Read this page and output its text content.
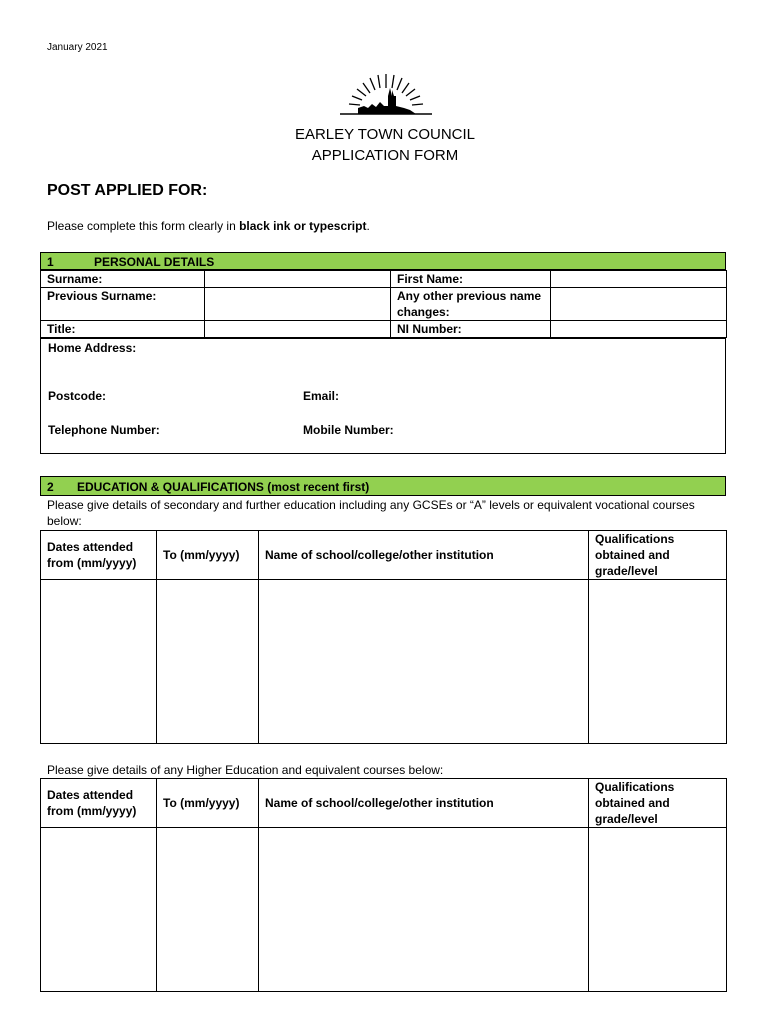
January 2021
EARLEY TOWN COUNCIL
APPLICATION FORM
POST APPLIED FOR:
Please complete this form clearly in black ink or typescript.
1	PERSONAL DETAILS
Surname:		First Name:	
Previous Surname:		Any other previous name changes:	
Title:		NI Number:	
Home Address:
Postcode:	Email:
Telephone Number:	Mobile Number:
2 EDUCATION & QUALIFICATIONS (most recent first)
Please give details of secondary and further education including any GCSEs or “A” levels or equivalent vocational courses below:
Dates attended from (mm/yyyy)	To (mm/yyyy)	Name of school/college/other institution	Qualifications obtained and grade/level

Please give details of any Higher Education and equivalent courses below:
Dates attended from (mm/yyyy)	To (mm/yyyy)	Name of school/college/other institution	Qualifications obtained and grade/level
